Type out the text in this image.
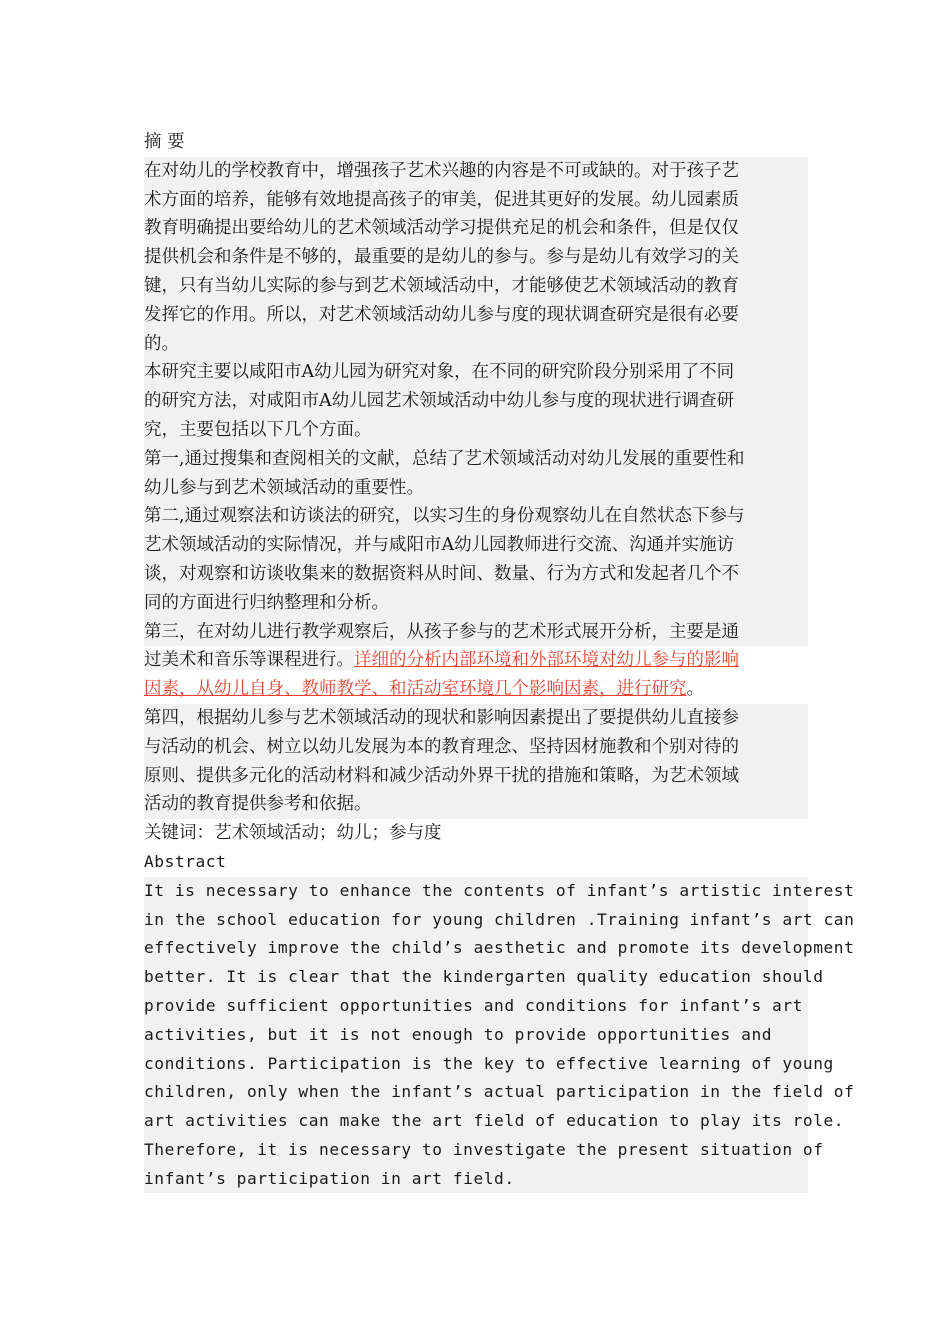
摘 要
在对幼儿的学校教育中，增强孩子艺术兴趣的内容是不可或缺的。对于孩子艺
术方面的培养，能够有效地提高孩子的审美，促进其更好的发展。幼儿园素质
教育明确提出要给幼儿的艺术领域活动学习提供充足的机会和条件，但是仅仅
提供机会和条件是不够的，最重要的是幼儿的参与。参与是幼儿有效学习的关
键，只有当幼儿实际的参与到艺术领域活动中，才能够使艺术领域活动的教育
发挥它的作用。所以，对艺术领域活动幼儿参与度的现状调查研究是很有必要
的。
本研究主要以咸阳市A幼儿园为研究对象，在不同的研究阶段分别采用了不同
的研究方法，对咸阳市A幼儿园艺术领域活动中幼儿参与度的现状进行调查研
究，主要包括以下几个方面。
第一,通过搜集和查阅相关的文献，总结了艺术领域活动对幼儿发展的重要性和
幼儿参与到艺术领域活动的重要性。
第二,通过观察法和访谈法的研究，以实习生的身份观察幼儿在自然状态下参与
艺术领域活动的实际情况，并与咸阳市A幼儿园教师进行交流、沟通并实施访
谈，对观察和访谈收集来的数据资料从时间、数量、行为方式和发起者几个不
同的方面进行归纳整理和分析。
第三，在对幼儿进行教学观察后，从孩子参与的艺术形式展开分析，主要是通
过美术和音乐等课程进行。详细的分析内部环境和外部环境对幼儿参与的影响
因素，从幼儿自身、教师教学、和活动室环境几个影响因素，进行研究。
第四，根据幼儿参与艺术领域活动的现状和影响因素提出了要提供幼儿直接参
与活动的机会、树立以幼儿发展为本的教育理念、坚持因材施教和个别对待的
原则、提供多元化的活动材料和减少活动外界干扰的措施和策略，为艺术领域
活动的教育提供参考和依据。
关键词：艺术领域活动；幼儿；参与度
Abstract
It is necessary to enhance the contents of infant’s artistic interest
in the school education for young children .Training infant’s art can
effectively improve the child’s aesthetic and promote its development
better. It is clear that the kindergarten quality education should
provide sufficient opportunities and conditions for infant’s art
activities, but it is not enough to provide opportunities and
conditions. Participation is the key to effective learning of young
children, only when the infant’s actual participation in the field of
art activities can make the art field of education to play its role.
Therefore, it is necessary to investigate the present situation of
infant’s participation in art field.
